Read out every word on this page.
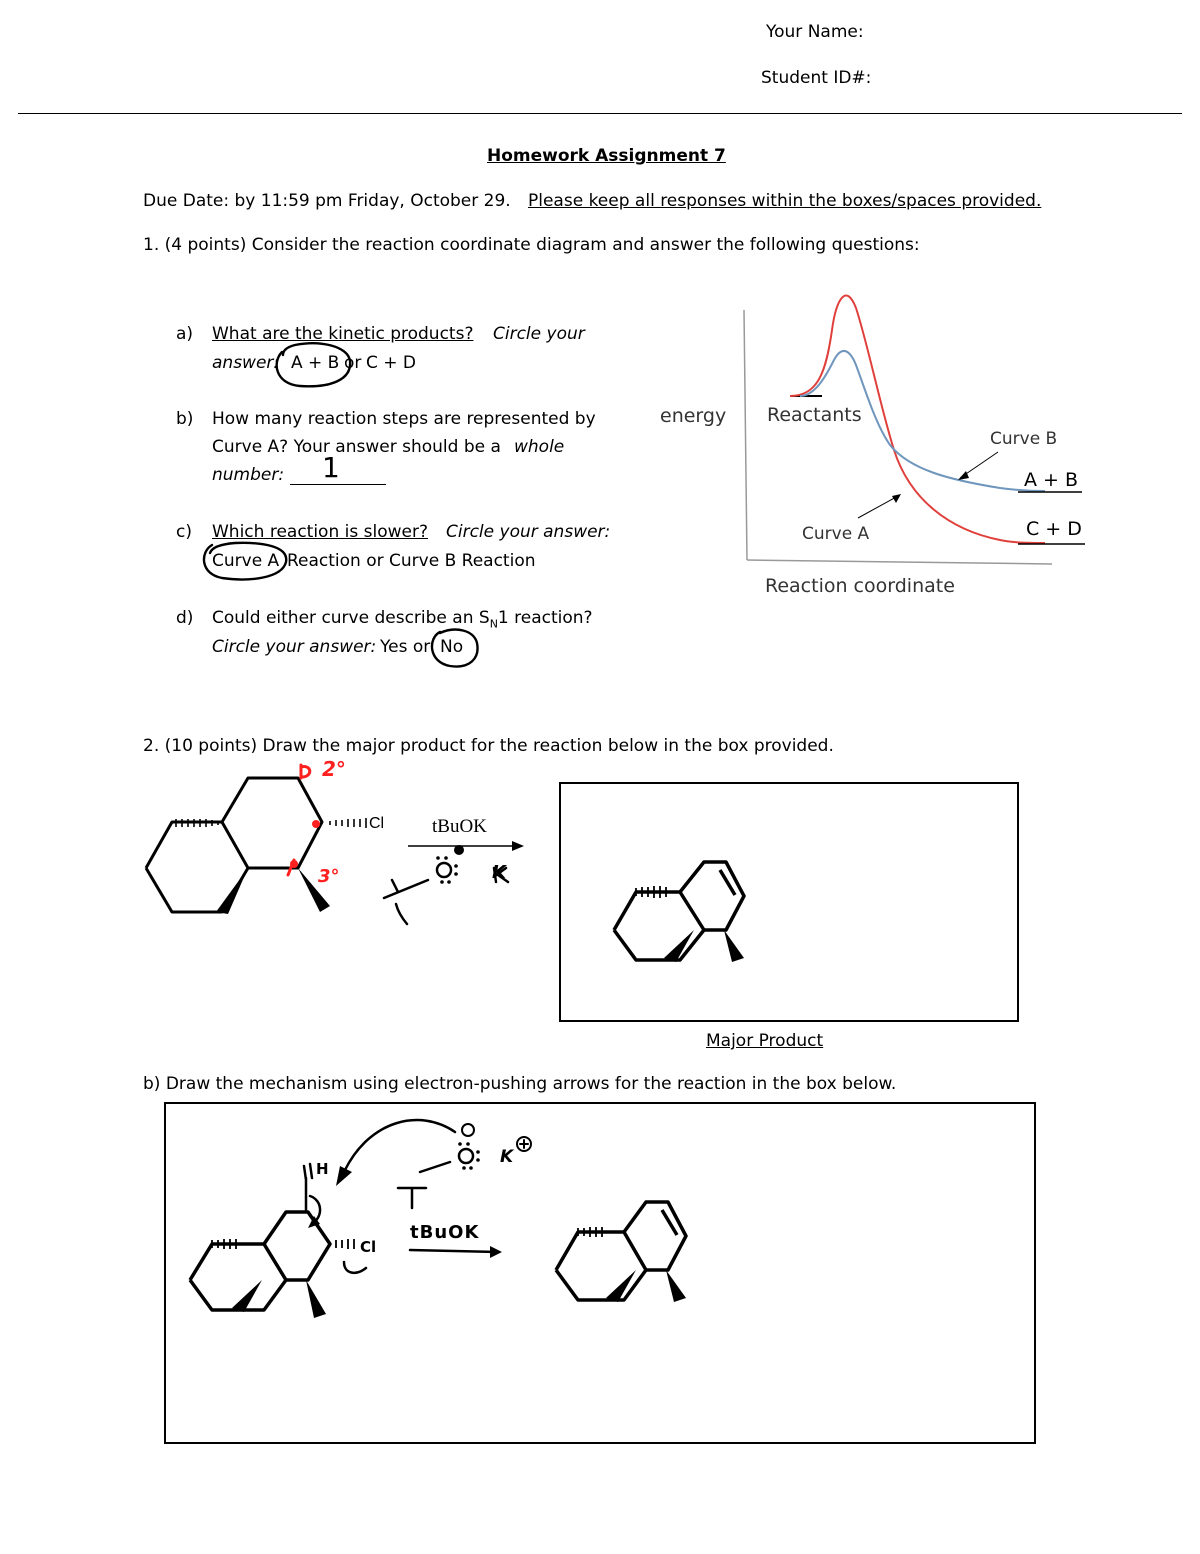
Your Name:
Student ID#:
Homework Assignment 7
Due Date: by 11:59 pm Friday, October 29. Please keep all responses within the boxes/spaces provided.
1. (4 points) Consider the reaction coordinate diagram and answer the following questions:
a) What are the kinetic products? Circle your
answer: A + B or C + D
b) How many reaction steps are represented by
Curve A? Your answer should be a whole
number: 1
c) Which reaction is slower? Circle your answer:
Curve A Reaction or Curve B Reaction
d) Could either curve describe an $S_N1$ reaction?
Circle your answer: Yes or No
energy Reactants
Curve B
A + B
Curve A	C + D
Reaction coordinate
2. (10 points) Draw the major product for the reaction below in the box provided.
2°
3°
Cl	tBuOK
Major Product
b) Draw the mechanism using electron-pushing arrows for the reaction in the box below.
H
Cl
tBuOK
K
K
